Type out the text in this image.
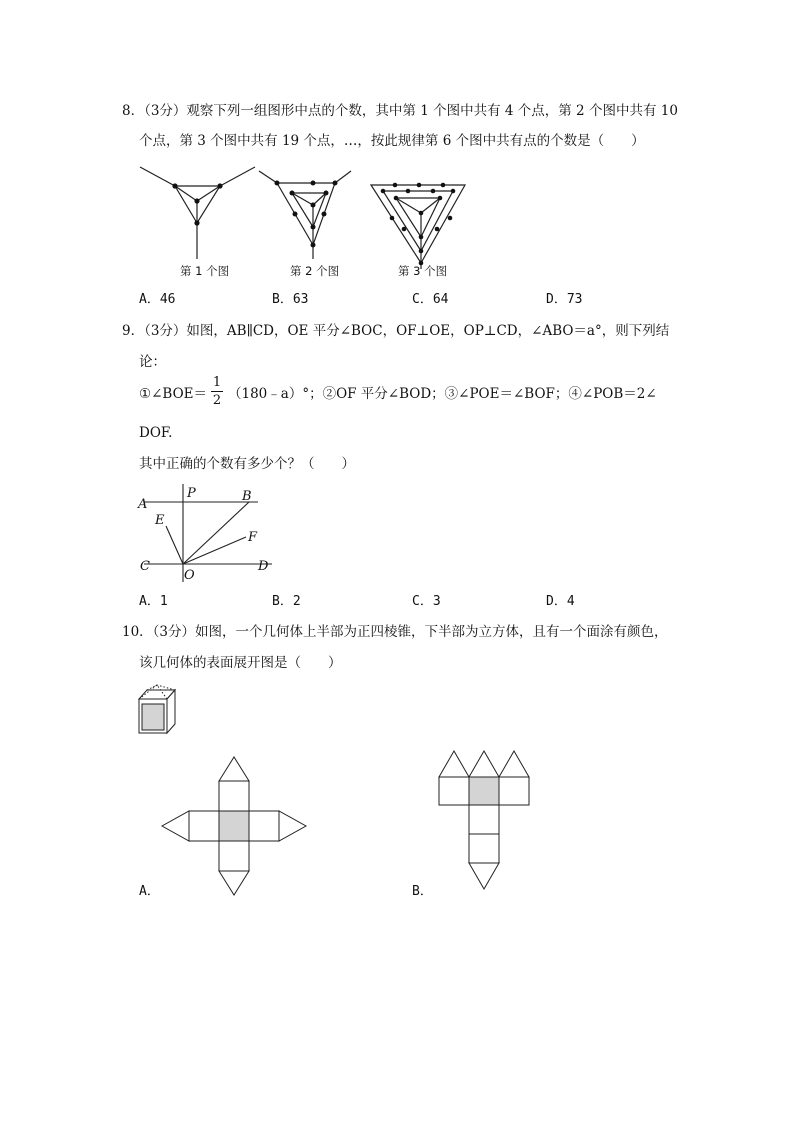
8．（3分）观察下列一组图形中点的个数，其中第 1 个图中共有 4 个点，第 2 个图中共有 10
个点，第 3 个图中共有 19 个点，…，按此规律第 6 个图中共有点的个数是（　　）
第 1 个图	第 2 个图	第 3 个图
A．46	B．63	C．64	D．73
9．（3分）如图，AB∥CD，OE 平分∠BOC，OF⊥OE，OP⊥CD，∠ABO＝a°，则下列结
论：
①∠BOE＝
1
2 （180﹣a）°；②OF 平分∠BOD；③∠POE＝∠BOF；④∠POB＝2∠
DOF.
其中正确的个数有多少个？（　　）
A
P	B
E
F
C
O
D
A．1	B．2	C．3	D．4
10．（3分）如图，一个几何体上半部为正四棱锥，下半部为立方体，且有一个面涂有颜色，
该几何体的表面展开图是（　　）
A．	B．
